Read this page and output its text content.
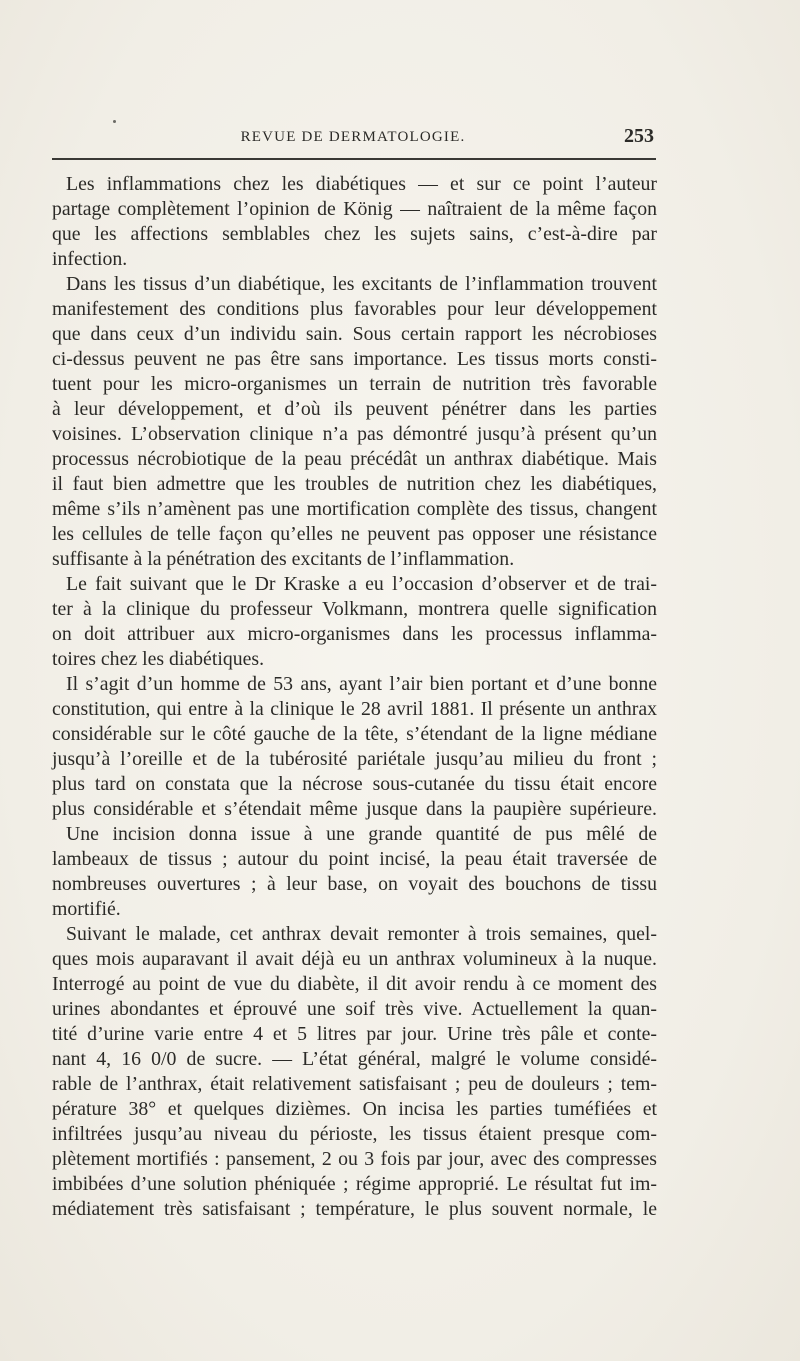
REVUE DE DERMATOLOGIE.	253
Les inflammations chez les diabétiques — et sur ce point l’auteur
partage complètement l’opinion de König — naîtraient de la même façon
que les affections semblables chez les sujets sains, c’est-à-dire par
infection.
Dans les tissus d’un diabétique, les excitants de l’inflammation trouvent
manifestement des conditions plus favorables pour leur développement
que dans ceux d’un individu sain. Sous certain rapport les nécrobioses
ci-dessus peuvent ne pas être sans importance. Les tissus morts consti-
tuent pour les micro-organismes un terrain de nutrition très favorable
à leur développement, et d’où ils peuvent pénétrer dans les parties
voisines. L’observation clinique n’a pas démontré jusqu’à présent qu’un
processus nécrobiotique de la peau précédât un anthrax diabétique. Mais
il faut bien admettre que les troubles de nutrition chez les diabétiques,
même s’ils n’amènent pas une mortification complète des tissus, changent
les cellules de telle façon qu’elles ne peuvent pas opposer une résistance
suffisante à la pénétration des excitants de l’inflammation.
Le fait suivant que le Dr Kraske a eu l’occasion d’observer et de trai-
ter à la clinique du professeur Volkmann, montrera quelle signification
on doit attribuer aux micro-organismes dans les processus inflamma-
toires chez les diabétiques.
Il s’agit d’un homme de 53 ans, ayant l’air bien portant et d’une bonne
constitution, qui entre à la clinique le 28 avril 1881. Il présente un anthrax
considérable sur le côté gauche de la tête, s’étendant de la ligne médiane
jusqu’à l’oreille et de la tubérosité pariétale jusqu’au milieu du front ;
plus tard on constata que la nécrose sous-cutanée du tissu était encore
plus considérable et s’étendait même jusque dans la paupière supérieure.
Une incision donna issue à une grande quantité de pus mêlé de
lambeaux de tissus ; autour du point incisé, la peau était traversée de
nombreuses ouvertures ; à leur base, on voyait des bouchons de tissu
mortifié.
Suivant le malade, cet anthrax devait remonter à trois semaines, quel-
ques mois auparavant il avait déjà eu un anthrax volumineux à la nuque.
Interrogé au point de vue du diabète, il dit avoir rendu à ce moment des
urines abondantes et éprouvé une soif très vive. Actuellement la quan-
tité d’urine varie entre 4 et 5 litres par jour. Urine très pâle et conte-
nant 4, 16 0/0 de sucre. — L’état général, malgré le volume considé-
rable de l’anthrax, était relativement satisfaisant ; peu de douleurs ; tem-
pérature 38° et quelques dizièmes. On incisa les parties tuméfiées et
infiltrées jusqu’au niveau du périoste, les tissus étaient presque com-
plètement mortifiés : pansement, 2 ou 3 fois par jour, avec des compresses
imbibées d’une solution phéniquée ; régime approprié. Le résultat fut im-
médiatement très satisfaisant ; température, le plus souvent normale, le
